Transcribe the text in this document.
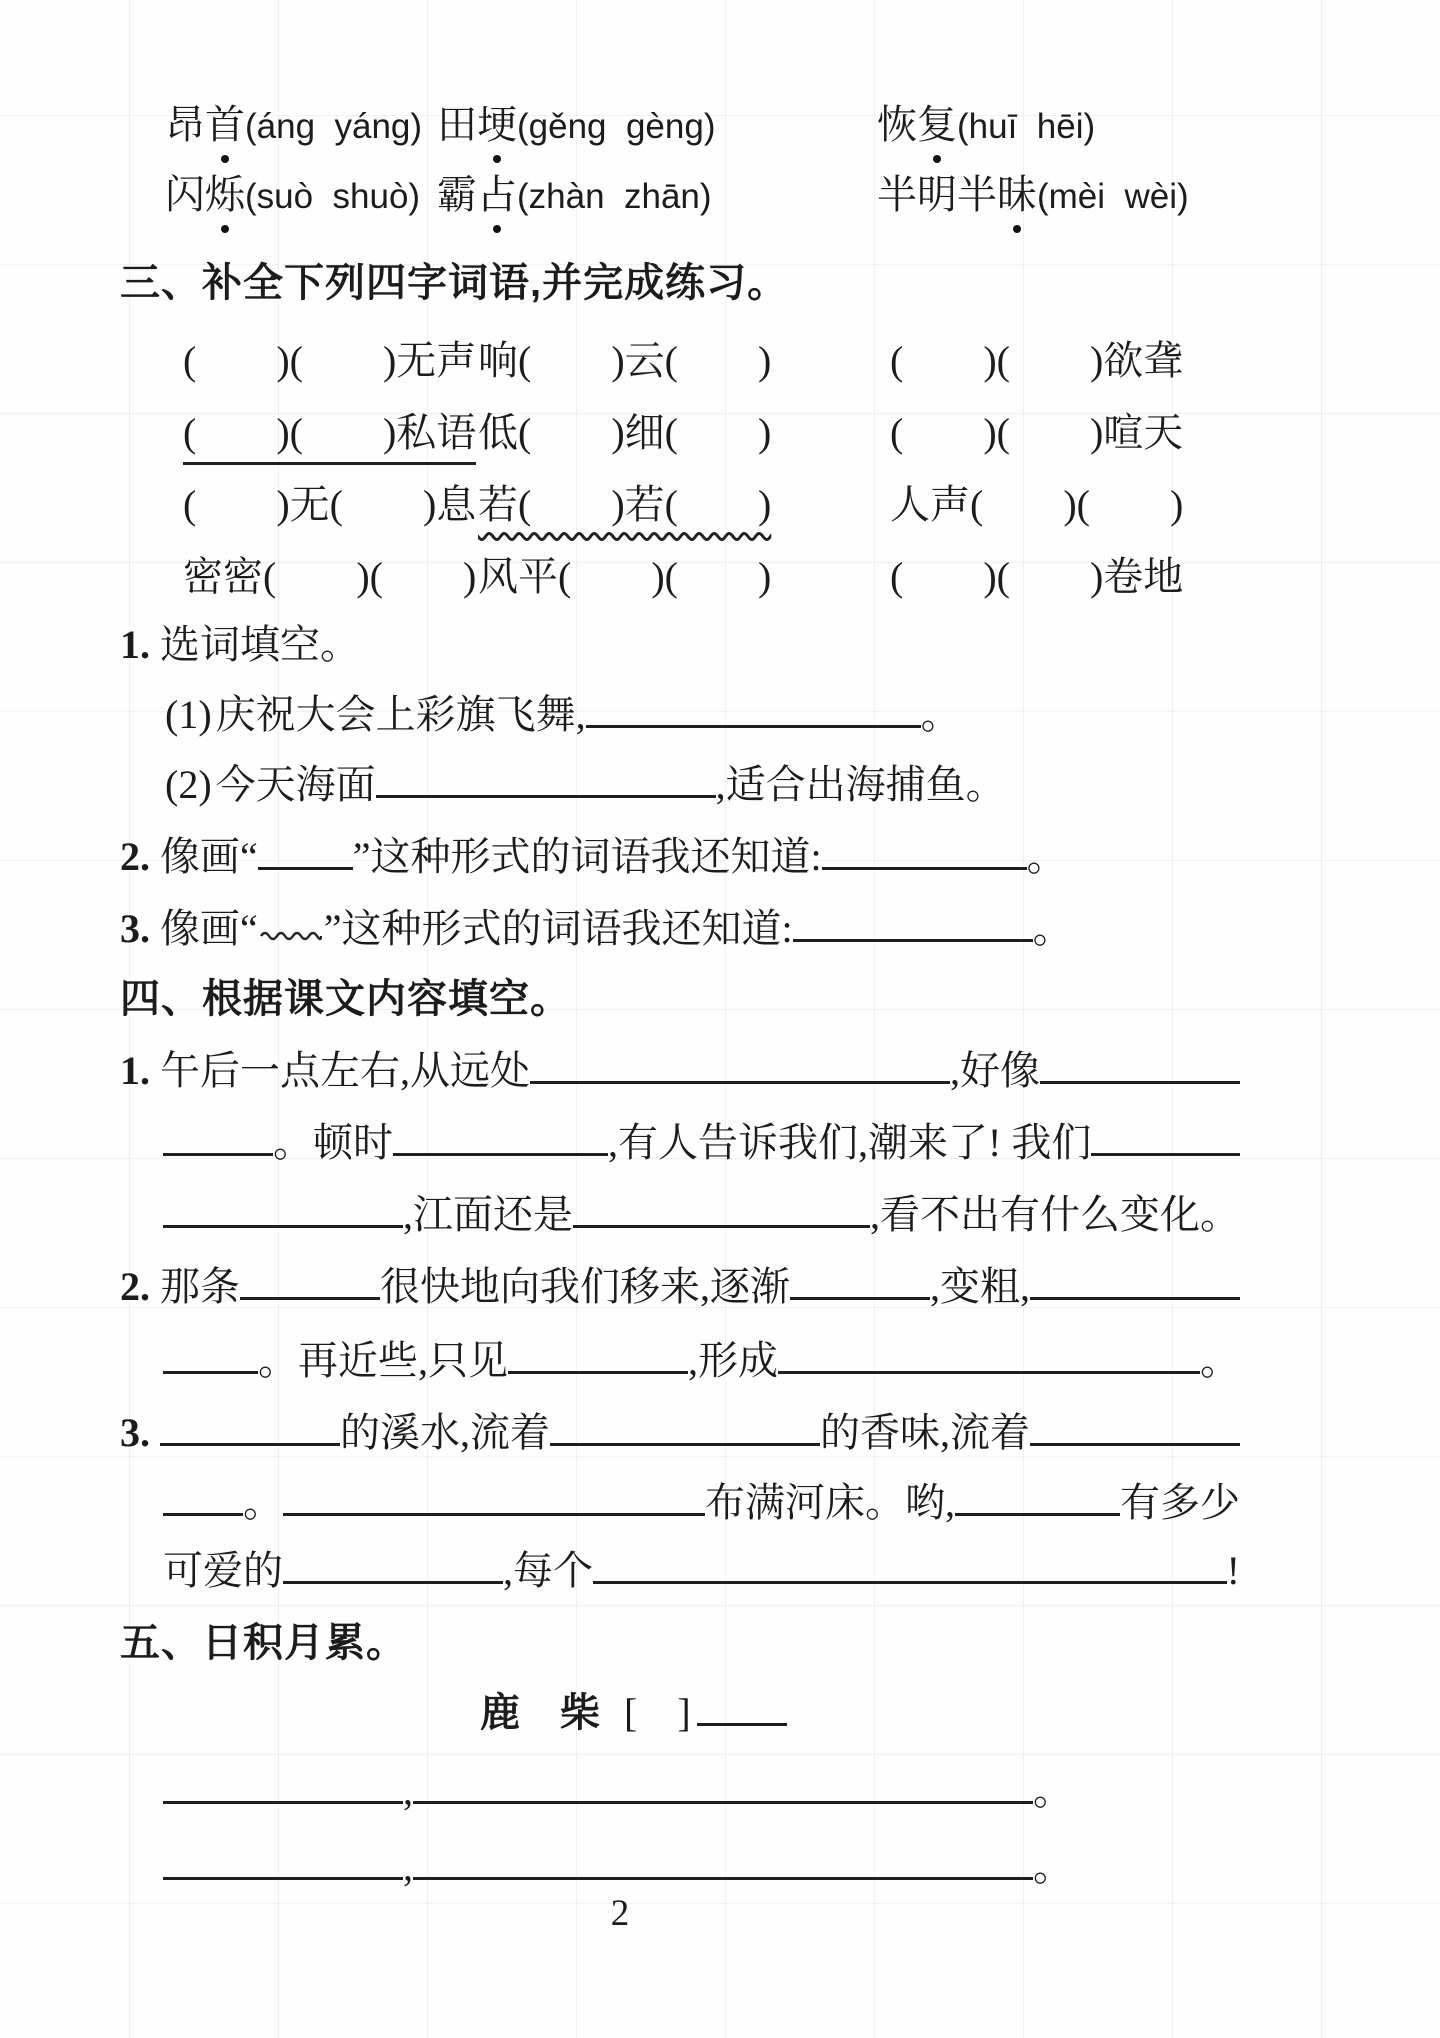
昂首(áng  yáng) 田埂(gěng  gèng)	恢复(huī  hēi)
闪烁(suò  shuò) 霸占(zhàn  zhān)	半明半昧(mèi  wèi)
三、补全下列四字词语,并完成练习。
(　　)(　　)无声 响(　　)云(　　)	(　　)(　　)欲聋
(　　)(　　)私语 低(　　)细(　　)	(　　)(　　)喧天
(　　)无(　　)息 若(　　)若(　　)	人声(　　)(　　)
密密(　　)(　　) 风平(　　)(　　)	(　　)(　　)卷地
1. 选词填空。
(1) 庆祝大会上彩旗飞舞,	。
(2) 今天海面	,适合出海捕鱼。
2. 像画“ ”这种形式的词语我还知道:	。
3. 像画“ ”这种形式的词语我还知道:	。
四、根据课文内容填空。
1. 午后一点左右,从远处	,好像
。顿时	,有人告诉我们,潮来了! 我们
,江面还是	,看不出有什么变化。
2. 那条	很快地向我们移来,逐渐	,变粗,
。再近些,只见	,形成	。
3.	的溪水,流着	的香味,流着
。	布满河床。哟,	有多少
可爱的	,每个	!
五、日积月累。
鹿　柴 [　]
,	。
,	。
2
